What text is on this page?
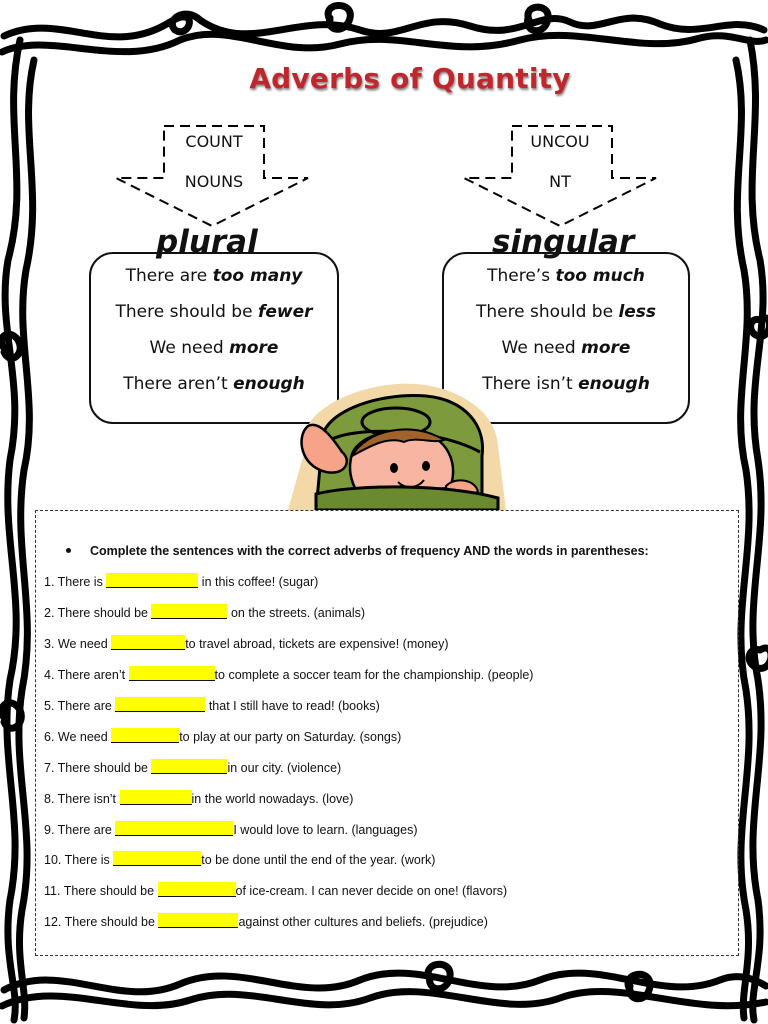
Adverbs of Quantity
COUNT
NOUNS
UNCOU
NT
plural
There are too many
There should be fewer
We need more
There aren’t enough
singular
There’s too much
There should be less
We need more
There isn’t enough
Complete the sentences with the correct adverbs of frequency AND the words in parentheses:
1. There is	in this coffee! (sugar)
2. There should be	on the streets. (animals)
3. We need	to travel abroad, tickets are expensive! (money)
4. There aren’t	to complete a soccer team for the championship. (people)
5. There are	that I still have to read! (books)
6. We need	to play at our party on Saturday. (songs)
7. There should be	in our city. (violence)
8. There isn’t	in the world nowadays. (love)
9. There are	I would love to learn. (languages)
10. There is	to be done until the end of the year. (work)
11. There should be	of ice-cream. I can never decide on one! (flavors)
12. There should be	against other cultures and beliefs. (prejudice)
